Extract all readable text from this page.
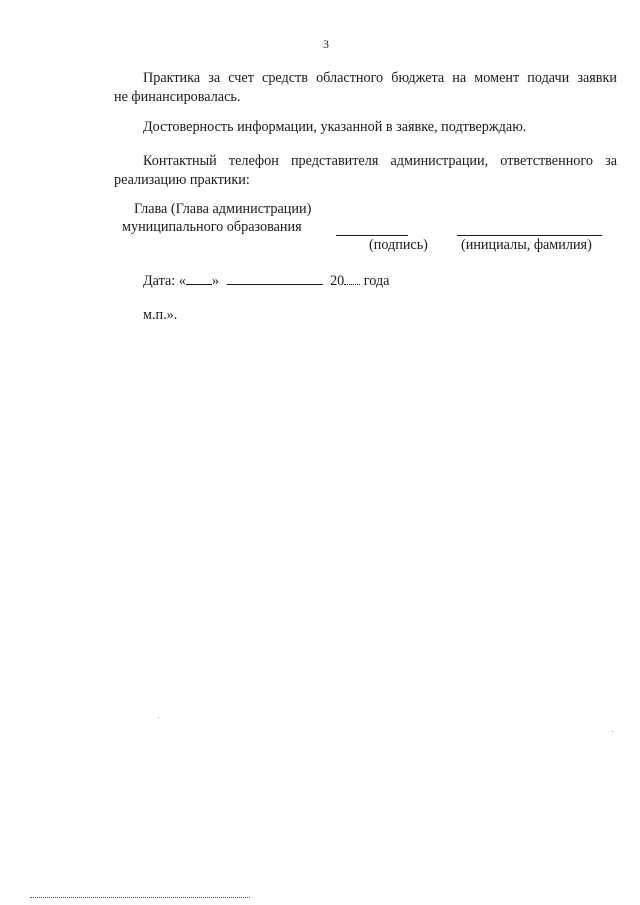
3
Практика за счет средств областного бюджета на момент подачи заявки
не финансировалась.
Достоверность информации, указанной в заявке, подтверждаю.
Контактный телефон представителя администрации, ответственного за
реализацию практики:
Глава (Глава администрации)
муниципального образования
(подпись) (инициалы, фамилия)
Дата: « »	20 года
м.п.».
